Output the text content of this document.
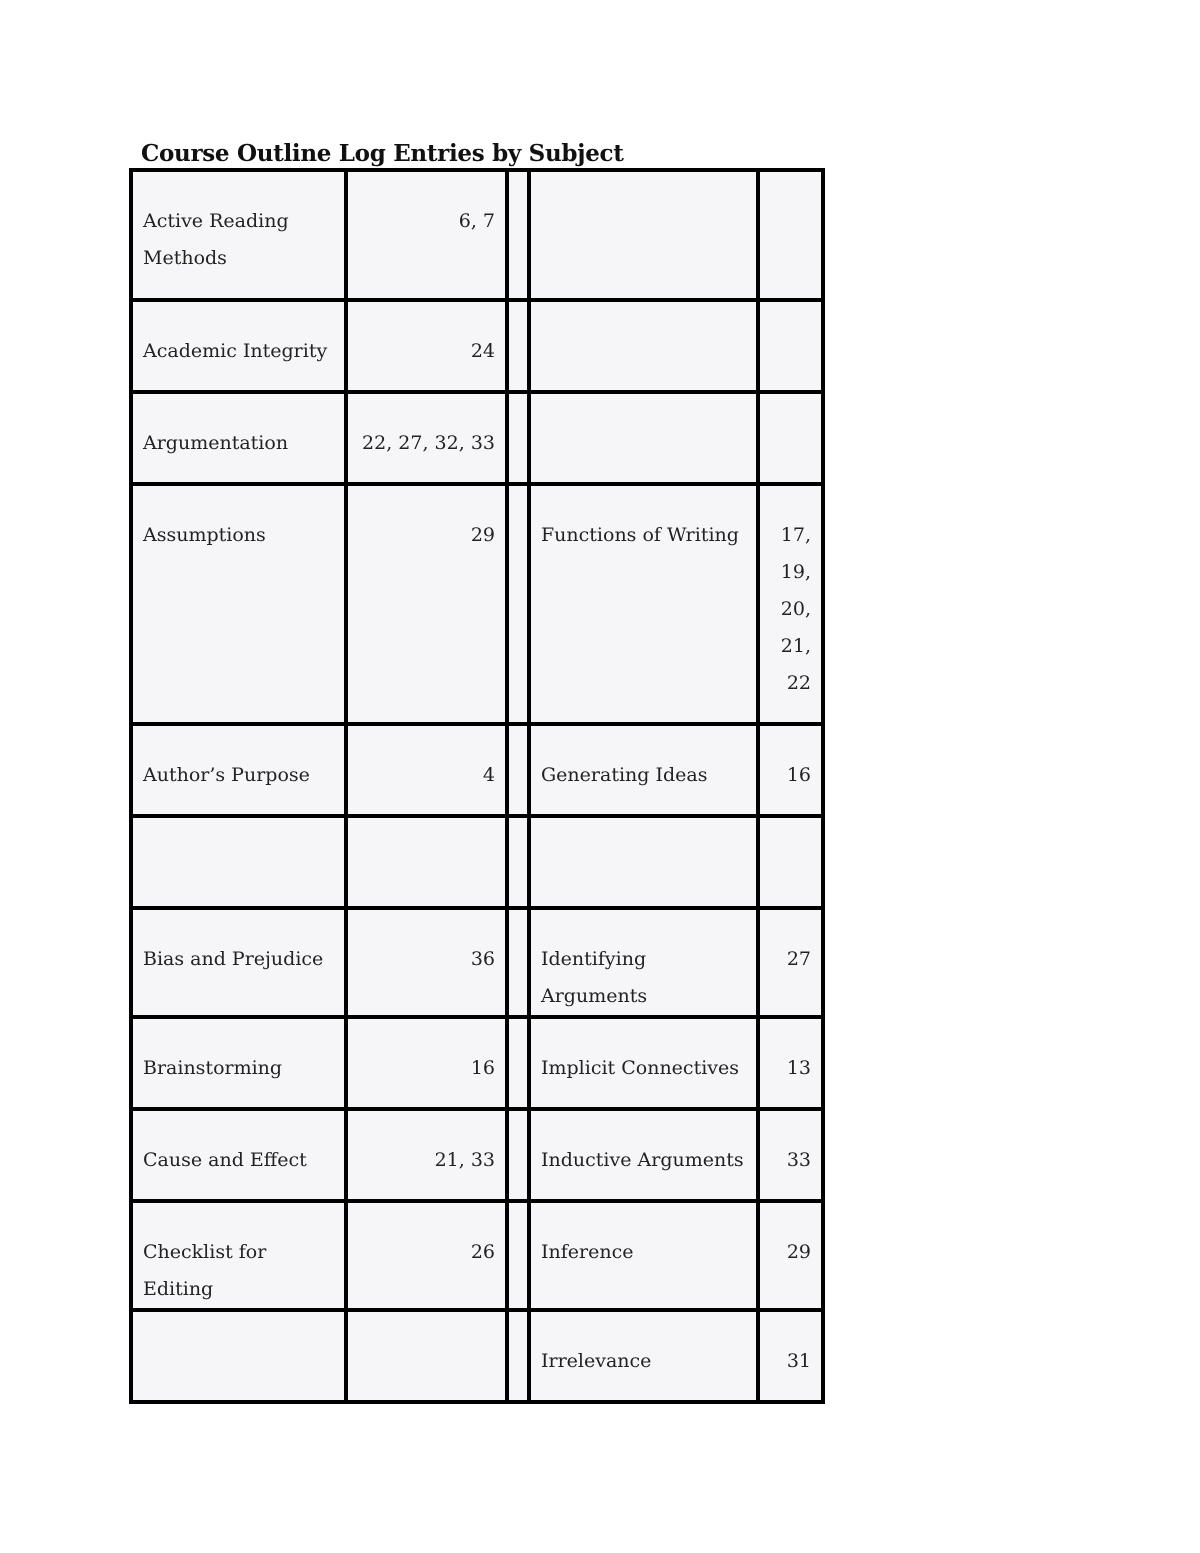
Course Outline Log Entries by Subject
Active Reading Methods	6, 7			

Academic Integrity	24			

Argumentation	22, 27, 32, 33			

Assumptions	29		Functions of Writing	17, 19, 20, 21, 22

Author’s Purpose	4		Generating Ideas	16

Bias and Prejudice	36		Identifying Arguments	27

Brainstorming	16		Implicit Connectives	13

Cause and Effect	21, 33		Inductive Arguments	33

Checklist for Editing	26		Inference	29

			Irrelevance	31
